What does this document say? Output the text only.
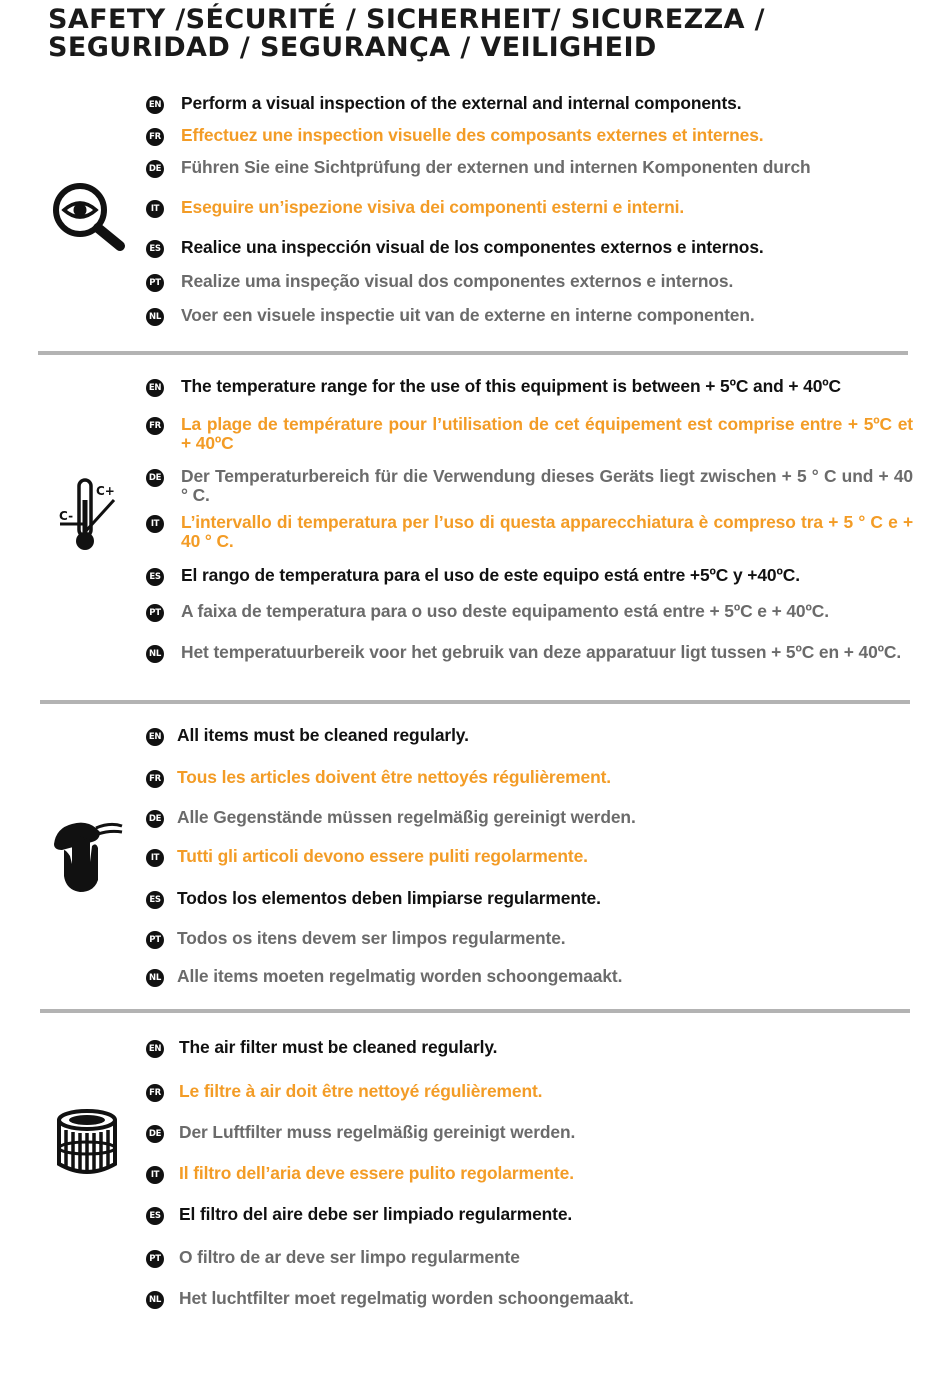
SAFETY /SÉCURITÉ / SICHERHEIT/ SICUREZZA / SEGURIDAD / SEGURANÇA / VEILIGHEID
C+
C-
EN Perform a visual inspection of the external and internal components.
FR Effectuez une inspection visuelle des composants externes et internes.
DE Führen Sie eine Sichtprüfung der externen und internen Komponenten durch
IT Eseguire un’ispezione visiva dei componenti esterni e interni.
ES Realice una inspección visual de los componentes externos e internos.
PT Realize uma inspeção visual dos componentes externos e internos.
NL Voer een visuele inspectie uit van de externe en interne componenten.
EN The temperature range for the use of this equipment is between + 5ºC and + 40ºC
FR La plage de température pour l’utilisation de cet équipement est comprise entre + 5ºC et + 40ºC
DE Der Temperaturbereich für die Verwendung dieses Geräts liegt zwischen + 5 ° C und + 40 ° C.
IT L’intervallo di temperatura per l’uso di questa apparecchiatura è compreso tra + 5 ° C e + 40 ° C.
ES El rango de temperatura para el uso de este equipo está entre +5ºC y +40ºC.
PT A faixa de temperatura para o uso deste equipamento está entre + 5ºC e + 40ºC.
NL Het temperatuurbereik voor het gebruik van deze apparatuur ligt tussen + 5ºC en + 40ºC.
EN All items must be cleaned regularly.
FR Tous les articles doivent être nettoyés régulièrement.
DE Alle Gegenstände müssen regelmäßig gereinigt werden.
IT Tutti gli articoli devono essere puliti regolarmente.
ES Todos los elementos deben limpiarse regularmente.
PT Todos os itens devem ser limpos regularmente.
NL Alle items moeten regelmatig worden schoongemaakt.
EN The air filter must be cleaned regularly.
FR Le filtre à air doit être nettoyé régulièrement.
DE Der Luftfilter muss regelmäßig gereinigt werden.
IT Il filtro dell’aria deve essere pulito regolarmente.
ES El filtro del aire debe ser limpiado regularmente.
PT O filtro de ar deve ser limpo regularmente
NL Het luchtfilter moet regelmatig worden schoongemaakt.
